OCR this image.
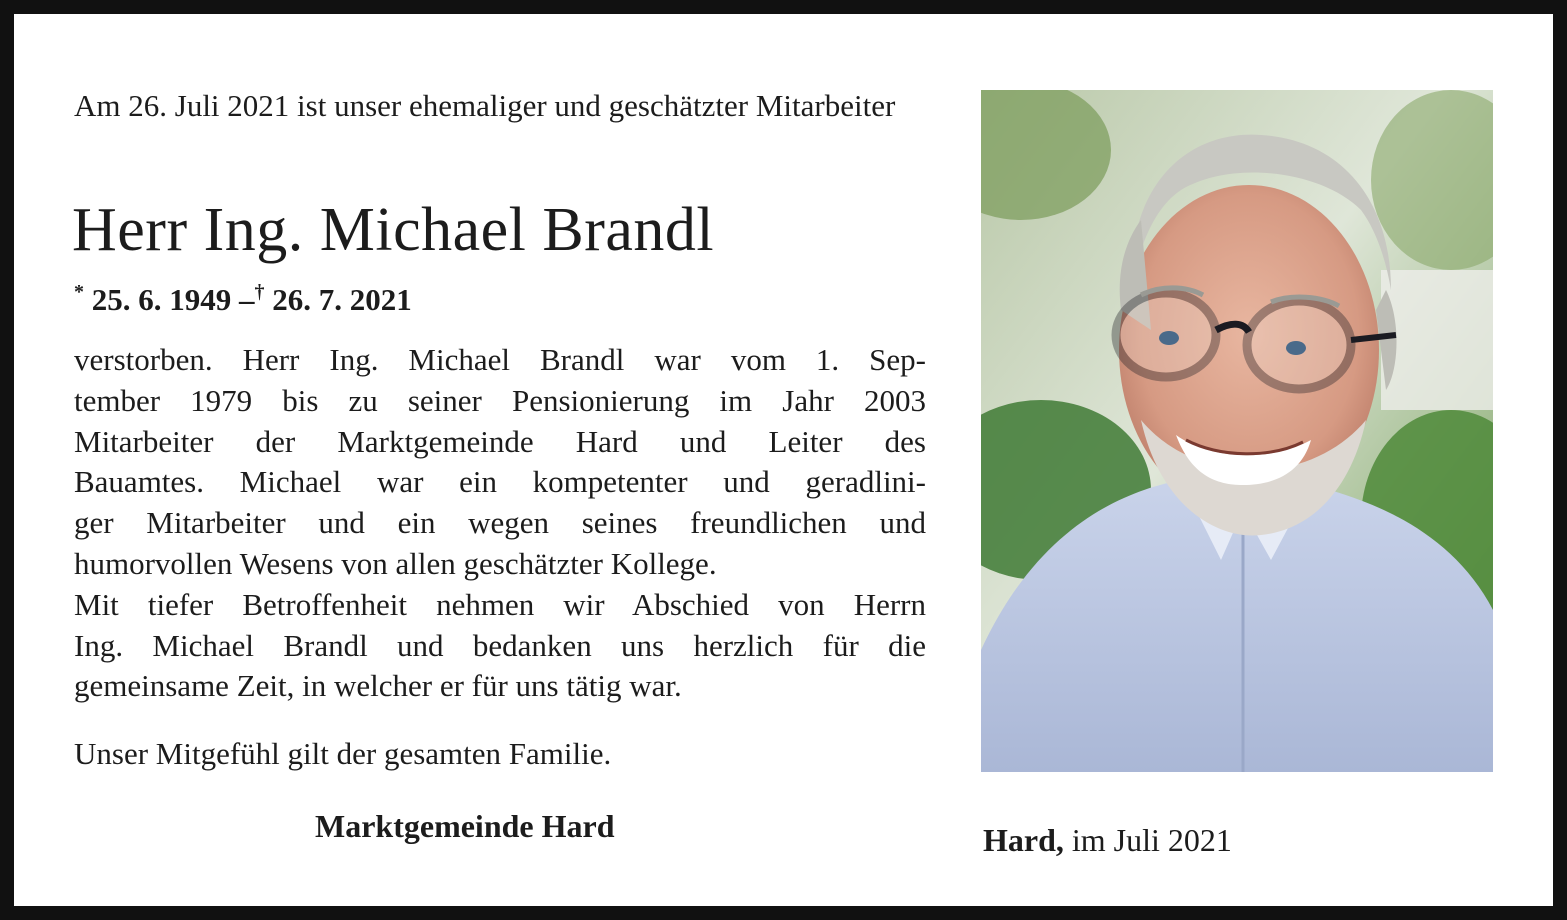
Am 26. Juli 2021 ist unser ehemaliger und geschätzter Mitarbeiter

Herr Ing. Michael Brandl
* 25. 6. 1949 –† 26. 7. 2021
verstorben. Herr Ing. Michael Brandl war vom 1. Sep-
tember 1979 bis zu seiner Pensionierung im Jahr 2003
Mitarbeiter der Marktgemeinde Hard und Leiter des
Bauamtes. Michael war ein kompetenter und geradlini-
ger Mitarbeiter und ein wegen seines freundlichen und
humorvollen Wesens von allen geschätzter Kollege.
Mit tiefer Betroffenheit nehmen wir Abschied von Herrn
Ing. Michael Brandl und bedanken uns herzlich für die
gemeinsame Zeit, in welcher er für uns tätig war.

Unser Mitgefühl gilt der gesamten Familie.

Marktgemeinde Hard	Hard, im Juli 2021
